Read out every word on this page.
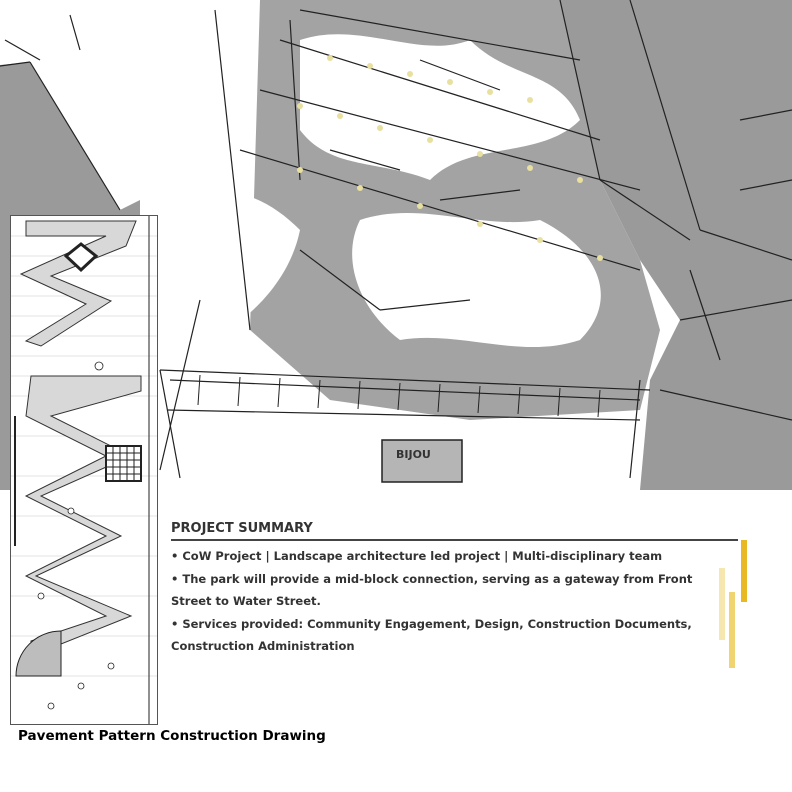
BIJOU
Pavement Pattern Construction Drawing
PROJECT SUMMARY
• CoW Project | Landscape architecture led project | Multi-disciplinary team
• The park will provide a mid-block connection, serving as a gateway from Front Street to Water Street.
• Services provided: Community Engagement, Design, Construction Documents, Construction Administration
